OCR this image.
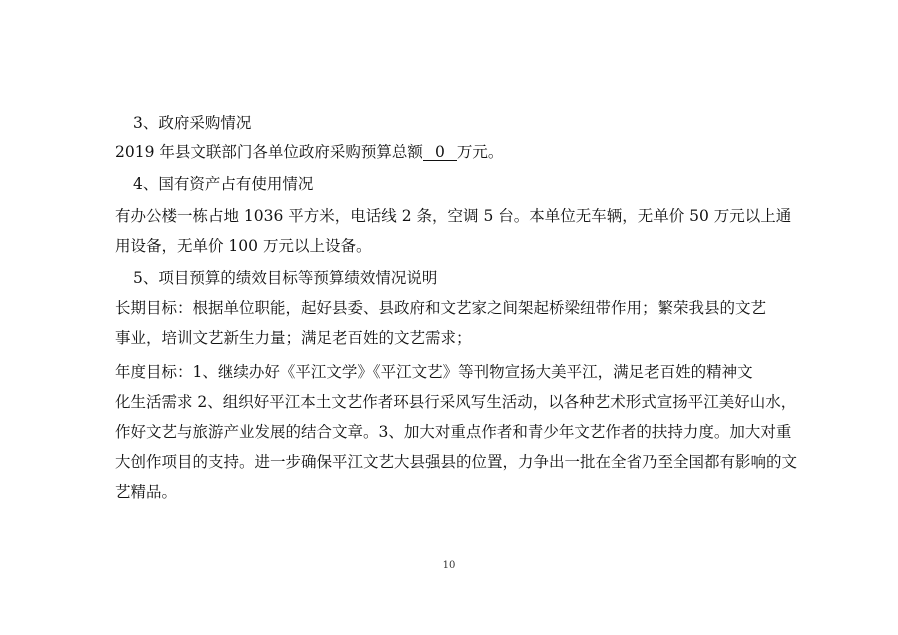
3、政府采购情况
2019 年县文联部门各单位政府采购预算总额 0 万元。
4、国有资产占有使用情况
有办公楼一栋占地 1036 平方米，电话线 2 条，空调 5 台。本单位无车辆，无单价 50 万元以上通
用设备，无单价 100 万元以上设备。
5、项目预算的绩效目标等预算绩效情况说明
长期目标：根据单位职能，起好县委、县政府和文艺家之间架起桥梁纽带作用；繁荣我县的文艺
事业，培训文艺新生力量；满足老百姓的文艺需求；
年度目标：1、继续办好《平江文学》《平江文艺》等刊物宣扬大美平江，满足老百姓的精神文
化生活需求 2、组织好平江本土文艺作者环县行采风写生活动，以各种艺术形式宣扬平江美好山水，
作好文艺与旅游产业发展的结合文章。3、加大对重点作者和青少年文艺作者的扶持力度。加大对重
大创作项目的支持。进一步确保平江文艺大县强县的位置，力争出一批在全省乃至全国都有影响的文
艺精品。
10
